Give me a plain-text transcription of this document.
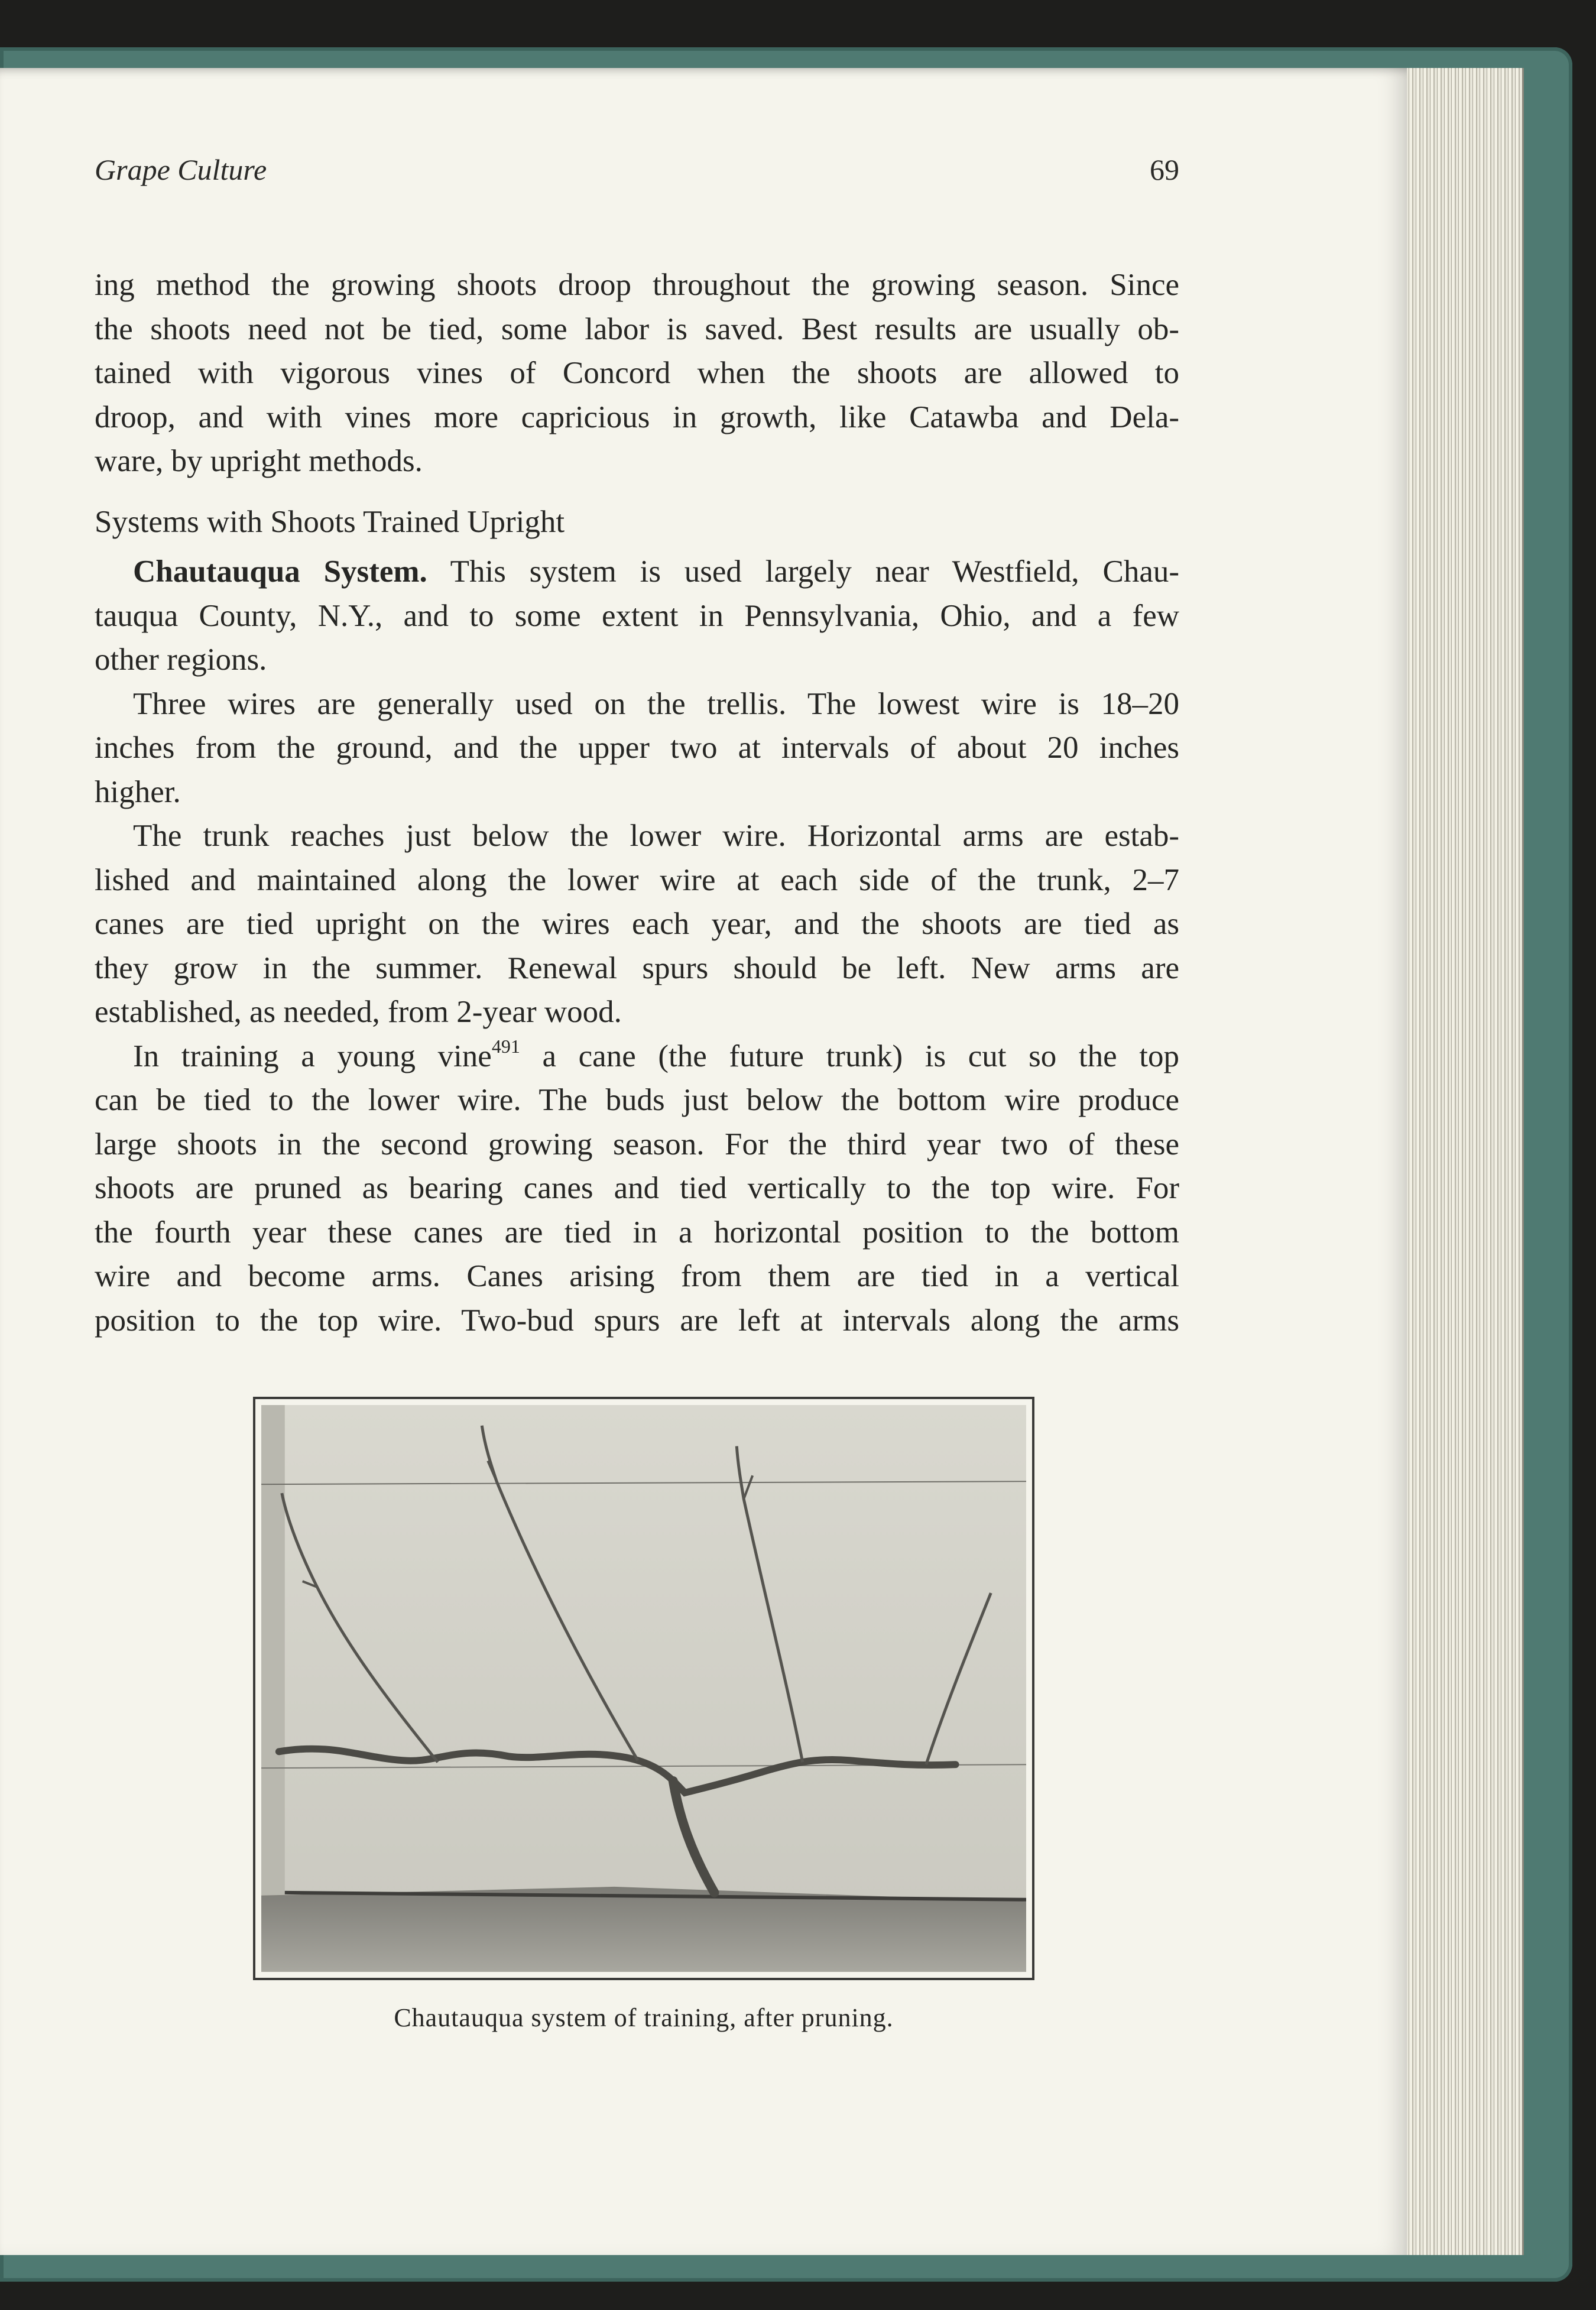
Grape Culture	69
ing method the growing shoots droop throughout the growing season. Since
the shoots need not be tied, some labor is saved. Best results are usually ob-
tained with vigorous vines of Concord when the shoots are allowed to
droop, and with vines more capricious in growth, like Catawba and Dela-
ware, by upright methods.
Systems with Shoots Trained Upright
Chautauqua System. This system is used largely near Westfield, Chau-
tauqua County, N.Y., and to some extent in Pennsylvania, Ohio, and a few
other regions.
Three wires are generally used on the trellis. The lowest wire is 18–20
inches from the ground, and the upper two at intervals of about 20 inches
higher.
The trunk reaches just below the lower wire. Horizontal arms are estab-
lished and maintained along the lower wire at each side of the trunk, 2–7
canes are tied upright on the wires each year, and the shoots are tied as
they grow in the summer. Renewal spurs should be left. New arms are
established, as needed, from 2-year wood.
In training a young vine$^{491}$ a cane (the future trunk) is cut so the top
can be tied to the lower wire. The buds just below the bottom wire produce
large shoots in the second growing season. For the third year two of these
shoots are pruned as bearing canes and tied vertically to the top wire. For
the fourth year these canes are tied in a horizontal position to the bottom
wire and become arms. Canes arising from them are tied in a vertical
position to the top wire. Two-bud spurs are left at intervals along the arms
Chautauqua system of training, after pruning.
